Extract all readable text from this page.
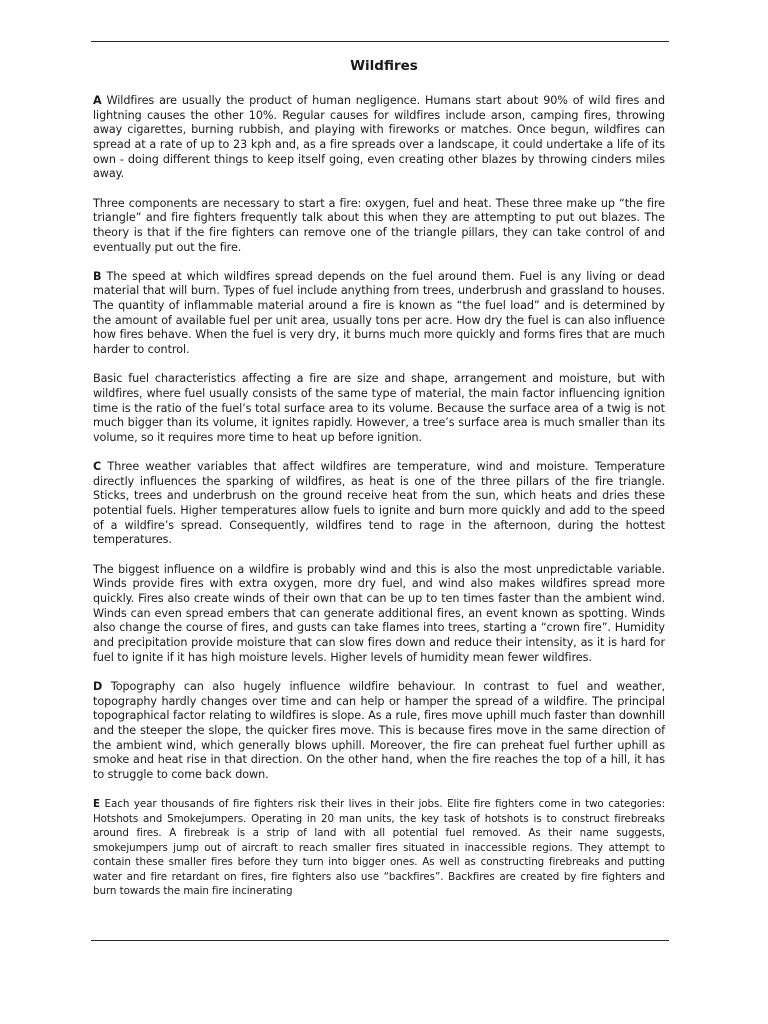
Wildfires

A Wildfires are usually the product of human negligence. Humans start about 90% of wild fires and lightning causes the other 10%. Regular causes for wildfires include arson, camping fires, throwing away cigarettes, burning rubbish, and playing with fireworks or matches. Once begun, wildfires can spread at a rate of up to 23 kph and, as a fire spreads over a landscape, it could undertake a life of its own - doing different things to keep itself going, even creating other blazes by throwing cinders miles away.

Three components are necessary to start a fire: oxygen, fuel and heat. These three make up “the fire triangle” and fire fighters frequently talk about this when they are attempting to put out blazes. The theory is that if the fire fighters can remove one of the triangle pillars, they can take control of and eventually put out the fire.

B The speed at which wildfires spread depends on the fuel around them. Fuel is any living or dead material that will burn. Types of fuel include anything from trees, underbrush and grassland to houses. The quantity of inflammable material around a fire is known as “the fuel load” and is determined by the amount of available fuel per unit area, usually tons per acre. How dry the fuel is can also influence how fires behave. When the fuel is very dry, it burns much more quickly and forms fires that are much harder to control.

Basic fuel characteristics affecting a fire are size and shape, arrangement and moisture, but with wildfires, where fuel usually consists of the same type of material, the main factor influencing ignition time is the ratio of the fuel’s total surface area to its volume. Because the surface area of a twig is not much bigger than its volume, it ignites rapidly. However, a tree’s surface area is much smaller than its volume, so it requires more time to heat up before ignition.

C Three weather variables that affect wildfires are temperature, wind and moisture. Temperature directly influences the sparking of wildfires, as heat is one of the three pillars of the fire triangle. Sticks, trees and underbrush on the ground receive heat from the sun, which heats and dries these potential fuels. Higher temperatures allow fuels to ignite and burn more quickly and add to the speed of a wildfire’s spread. Consequently, wildfires tend to rage in the afternoon, during the hottest temperatures.

The biggest influence on a wildfire is probably wind and this is also the most unpredictable variable. Winds provide fires with extra oxygen, more dry fuel, and wind also makes wildfires spread more quickly. Fires also create winds of their own that can be up to ten times faster than the ambient wind. Winds can even spread embers that can generate additional fires, an event known as spotting. Winds also change the course of fires, and gusts can take flames into trees, starting a “crown fire”. Humidity and precipitation provide moisture that can slow fires down and reduce their intensity, as it is hard for fuel to ignite if it has high moisture levels. Higher levels of humidity mean fewer wildfires.

D Topography can also hugely influence wildfire behaviour. In contrast to fuel and weather, topography hardly changes over time and can help or hamper the spread of a wildfire. The principal topographical factor relating to wildfires is slope. As a rule, fires move uphill much faster than downhill and the steeper the slope, the quicker fires move. This is because fires move in the same direction of the ambient wind, which generally blows uphill. Moreover, the fire can preheat fuel further uphill as smoke and heat rise in that direction. On the other hand, when the fire reaches the top of a hill, it has to struggle to come back down.

E Each year thousands of fire fighters risk their lives in their jobs. Elite fire fighters come in two categories: Hotshots and Smokejumpers. Operating in 20 man units, the key task of hotshots is to construct firebreaks around fires. A firebreak is a strip of land with all potential fuel removed. As their name suggests, smokejumpers jump out of aircraft to reach smaller fires situated in inaccessible regions. They attempt to contain these smaller fires before they turn into bigger ones. As well as constructing firebreaks and putting water and fire retardant on fires, fire fighters also use “backfires”. Backfires are created by fire fighters and burn towards the main fire incinerating
